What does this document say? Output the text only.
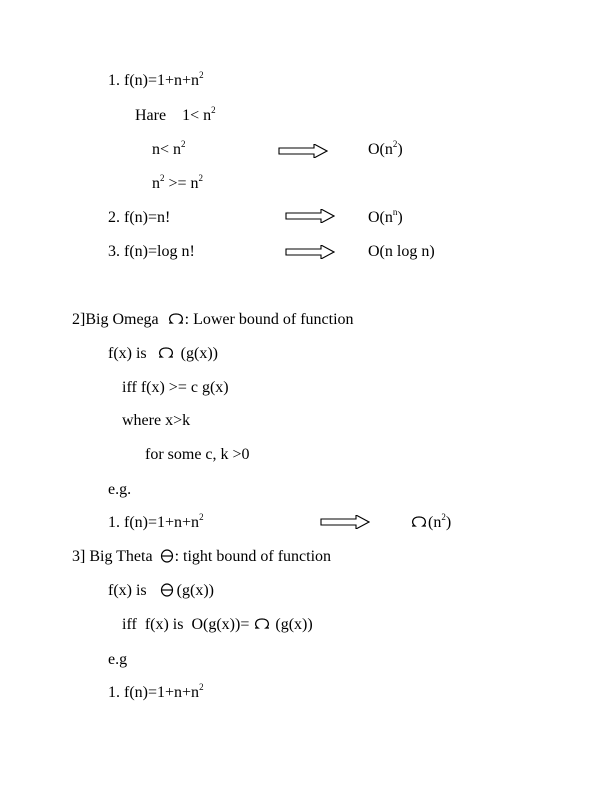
1. $f(n)=1+n+n^2$
Hare    $1< n^2$
$n< n^2$	$O(n^2)$
$n^2 >= n^2$
2. f(n)=n!	$O(n^n)$
3. f(n)=log n!	O(n log n)
2]Big Omega : Lower bound of function
f(x) is (g(x))
iff f(x) >= c g(x)
where x>k
for some c, k >0
e.g.
1. $f(n)=1+n+n^2$	$(n^2)$
3] Big Theta : tight bound of function
f(x) is (g(x))
iff  f(x) is  O(g(x))= (g(x))
e.g
1. $f(n)=1+n+n^2$
